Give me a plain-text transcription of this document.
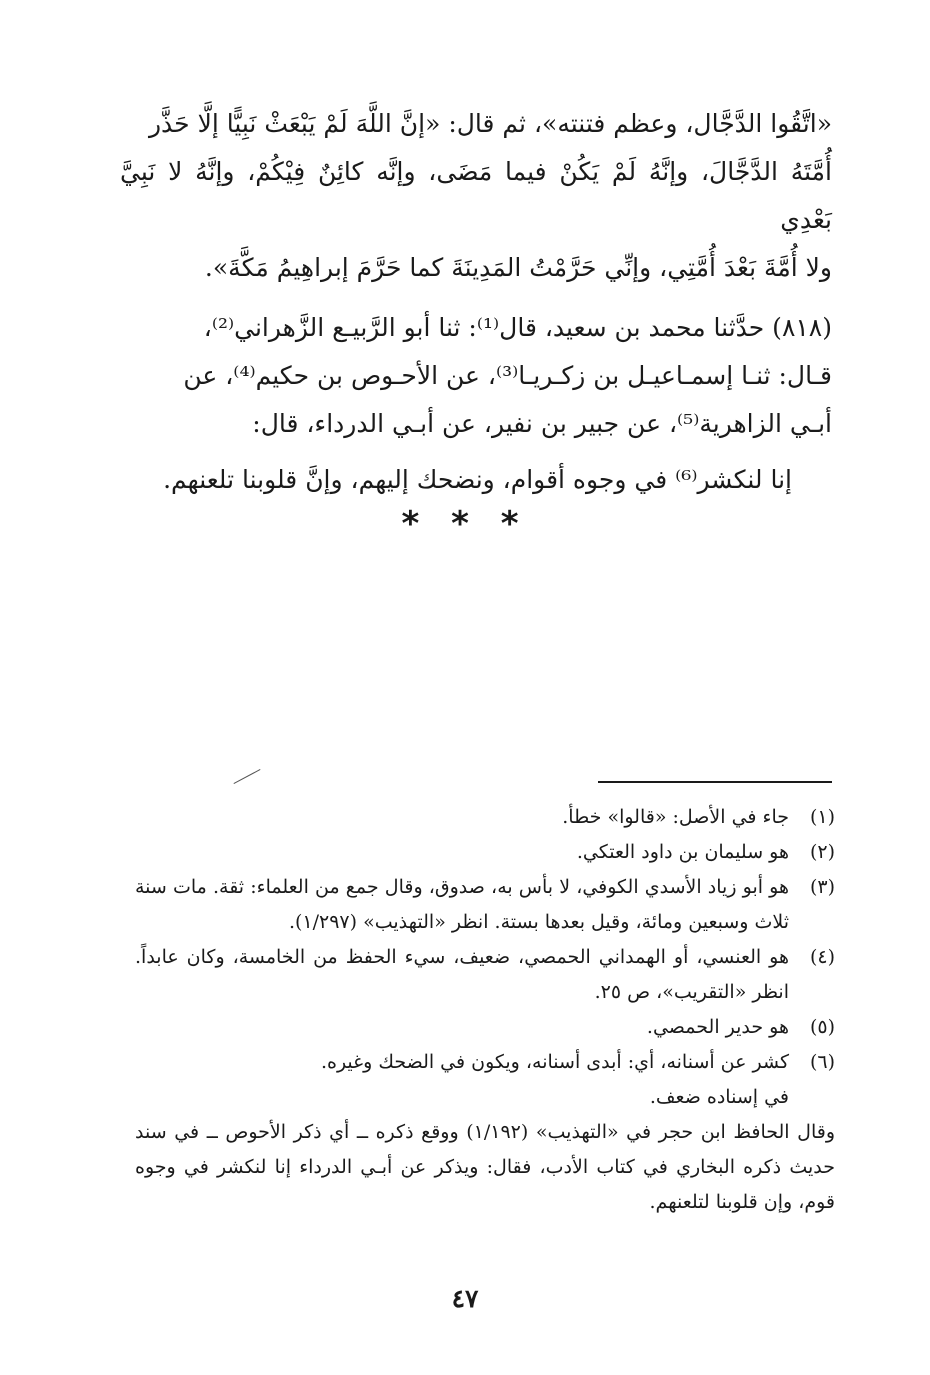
«اتَّقُوا الدَّجَّال، وعظم فتنته»، ثم قال: «إنَّ اللَّهَ لَمْ يَبْعَثْ نَبِيًّا إلَّا حَذَّر

أُمَّتَهُ الدَّجَّالَ، وإنَّهُ لَمْ يَكُنْ فيما مَضَى، وإنَّه كائِنٌ فِيْكُمْ، وإنَّهُ لا نَبِيَّ بَعْدِي

ولا أُمَّةَ بَعْدَ أُمَّتِي، وإنِّي حَرَّمْتُ المَدِينَةَ كما حَرَّمَ إبراهِيمُ مَكَّةَ».

(٨١٨) حدَّثنا محمد بن سعيد، قال⁽¹⁾: ثنا أبو الرَّبيـع الزَّهراني⁽²⁾،

قـال: ثنـا إسمـاعيـل بن زكـريـا⁽³⁾، عن الأحـوص بن حكيم⁽⁴⁾، عن

أبـي الزاهرية⁽⁵⁾، عن جبير بن نفير، عن أبـي الدرداء، قال:

إنا لنكشر⁽⁶⁾ في وجوه أقوام، ونضحك إليهم، وإنَّ قلوبنا تلعنهم.

* * *
(١)
جاء في الأصل: «قالوا» خطأ.
(٢)
هو سليمان بن داود العتكي.
(٣)
هو أبو زياد الأسدي الكوفي، لا بأس به، صدوق، وقال جمع من العلماء: ثقة. مات سنة ثلاث وسبعين ومائة، وقيل بعدها بستة. انظر «التهذيب» (١/٢٩٧).
(٤)
هو العنسي، أو الهمداني الحمصي، ضعيف، سيء الحفظ من الخامسة، وكان عابداً. انظر «التقريب»، ص ٢٥.
(٥)
هو حدير الحمصي.
(٦)
كشر عن أسنانه، أي: أبدى أسنانه، ويكون في الضحك وغيره.

في إسناده ضعف.

وقال الحافظ ابن حجر في «التهذيب» (١/١٩٢) ووقع ذكره ــ أي ذكر الأحوص ــ في سند حديث ذكره البخاري في كتاب الأدب، فقال: ويذكر عن أبـي الدرداء إنا لنكشر في وجوه قوم، وإن قلوبنا لتلعنهم.

٤٧
